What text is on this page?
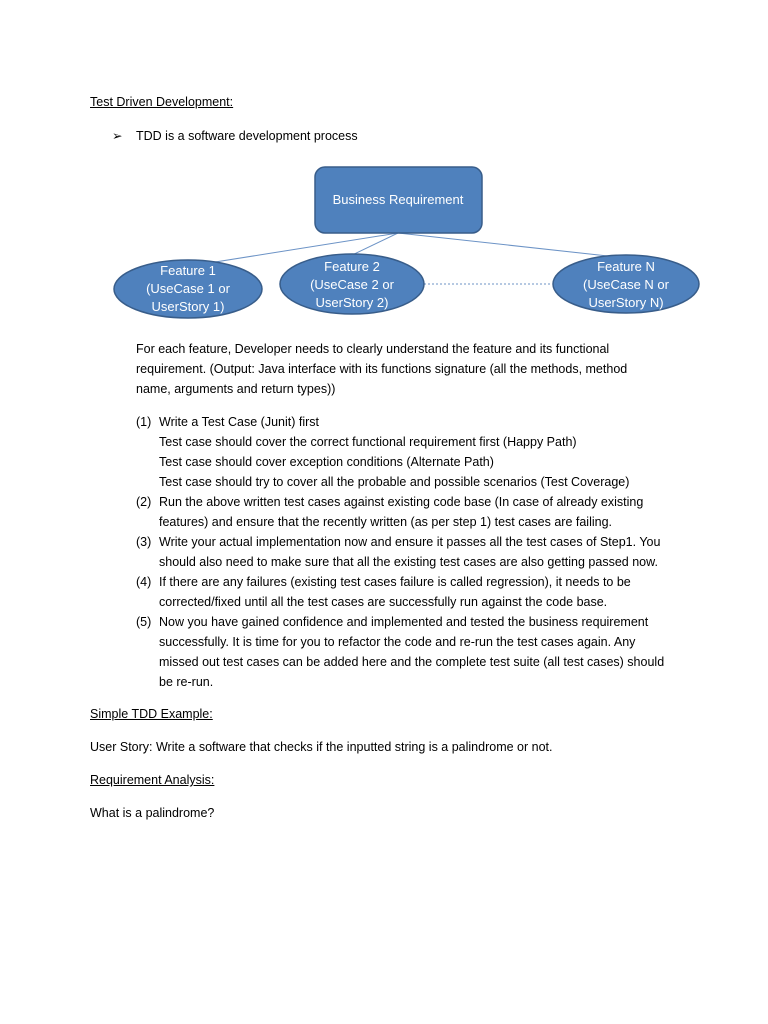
Test Driven Development:
➢ TDD is a software development process
Business Requirement
Feature 1
(UseCase 1 or
UserStory 1)
Feature 2
(UseCase 2 or
UserStory 2)
Feature N
(UseCase N or
UserStory N)
For each feature, Developer needs to clearly understand the feature and its functional
requirement. (Output: Java interface with its functions signature (all the methods, method
name, arguments and return types))
(1) Write a Test Case (Junit) first
Test case should cover the correct functional requirement first (Happy Path)
Test case should cover exception conditions (Alternate Path)
Test case should try to cover all the probable and possible scenarios (Test Coverage)
(2) Run the above written test cases against existing code base (In case of already existing
features) and ensure that the recently written (as per step 1) test cases are failing.
(3) Write your actual implementation now and ensure it passes all the test cases of Step1. You
should also need to make sure that all the existing test cases are also getting passed now.
(4) If there are any failures (existing test cases failure is called regression), it needs to be
corrected/fixed until all the test cases are successfully run against the code base.
(5) Now you have gained confidence and implemented and tested the business requirement
successfully. It is time for you to refactor the code and re-run the test cases again. Any
missed out test cases can be added here and the complete test suite (all test cases) should
be re-run.
Simple TDD Example:
User Story: Write a software that checks if the inputted string is a palindrome or not.
Requirement Analysis:
What is a palindrome?
